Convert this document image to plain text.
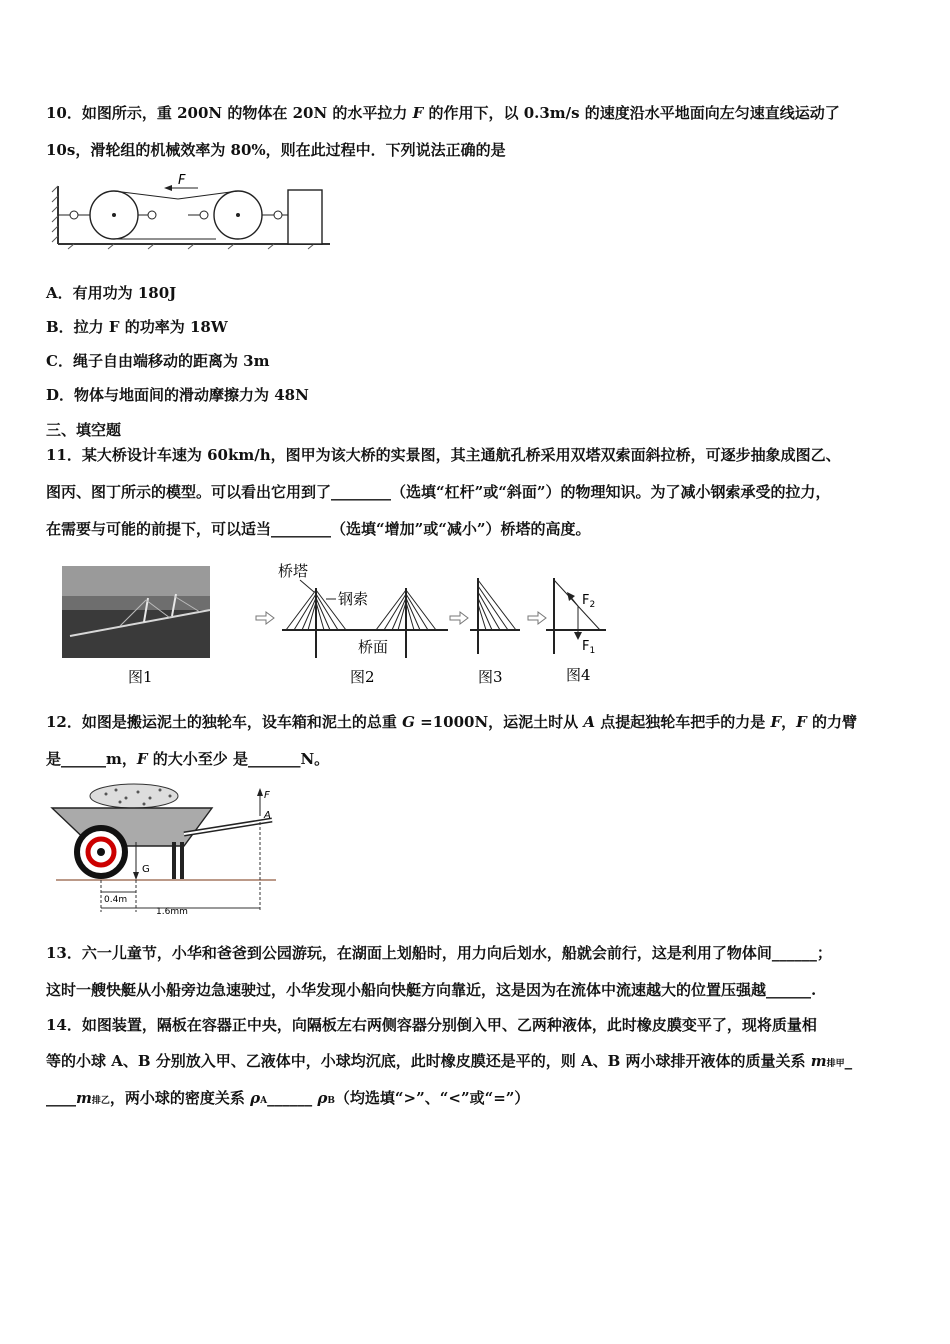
10．如图所示，重 200N 的物体在 20N 的水平拉力 F 的作用下，以 0.3m/s 的速度沿水平地面向左匀速直线运动了
10s，滑轮组的机械效率为 80%，则在此过程中．下列说法正确的是
F
A．有用功为 180J
B．拉力 F 的功率为 18W
C．绳子自由端移动的距离为 3m
D．物体与地面间的滑动摩擦力为 48N
三、填空题
11．某大桥设计车速为 60km/h，图甲为该大桥的实景图，其主通航孔桥采用双塔双索面斜拉桥，可逐步抽象成图乙、
图丙、图丁所示的模型。可以看出它用到了________（选填“杠杆”或“斜面”）的物理知识。为了减小钢索承受的拉力，
在需要与可能的前提下，可以适当________（选填“增加”或“减小”）桥塔的高度。
图1
桥塔
钢索
桥面
图2	图3
$F_2$
$F_1$
图4
12．如图是搬运泥土的独轮车，设车箱和泥土的总重 G =1000N，运泥土时从 A 点提起独轮车把手的力是 F，F 的力臂
是______m，F 的大小至少 是_______N。
G
F
A
0.4m
1.6mm
13．六一儿童节，小华和爸爸到公园游玩，在湖面上划船时，用力向后划水，船就会前行，这是利用了物体间______；
这时一艘快艇从小船旁边急速驶过，小华发现小船向快艇方向靠近，这是因为在流体中流速越大的位置压强越______.
14．如图装置，隔板在容器正中央，向隔板左右两侧容器分别倒入甲、乙两种液体，此时橡皮膜变平了，现将质量相
等的小球 A、B 分别放入甲、乙液体中，小球均沉底，此时橡皮膜还是平的，则 A、B 两小球排开液体的质量关系 m排甲_
____m排乙，两小球的密度关系 ρA______ ρB（均选填“>”、“<”或“=”）
